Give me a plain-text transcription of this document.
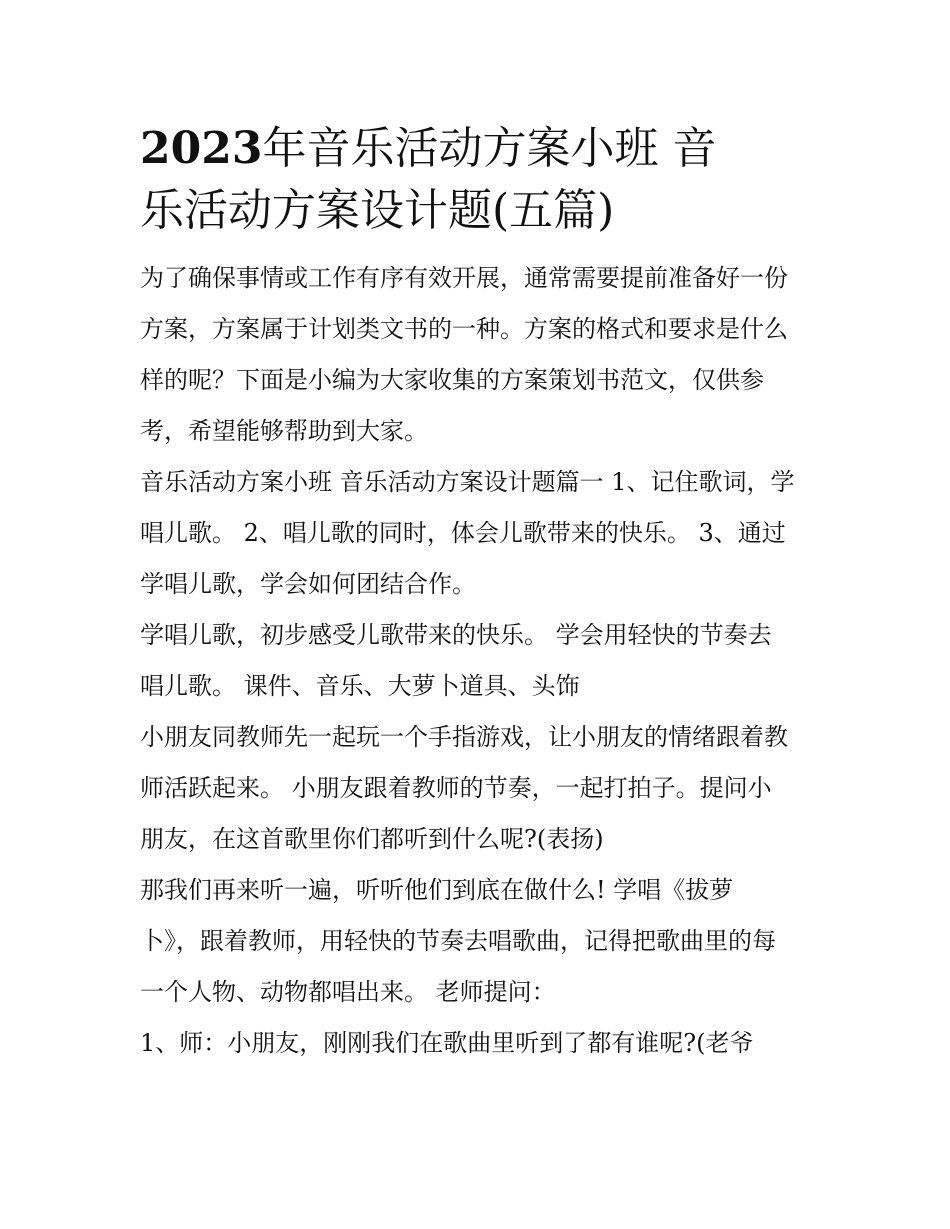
2023年音乐活动方案小班 音
乐活动方案设计题(五篇)

为了确保事情或工作有序有效开展，通常需要提前准备好一份
方案，方案属于计划类文书的一种。方案的格式和要求是什么
样的呢？下面是小编为大家收集的方案策划书范文，仅供参
考，希望能够帮助到大家。

音乐活动方案小班 音乐活动方案设计题篇一 1、记住歌词，学
唱儿歌。 2、唱儿歌的同时，体会儿歌带来的快乐。 3、通过
学唱儿歌，学会如何团结合作。

学唱儿歌，初步感受儿歌带来的快乐。 学会用轻快的节奏去
唱儿歌。 课件、音乐、大萝卜道具、头饰

小朋友同教师先一起玩一个手指游戏，让小朋友的情绪跟着教
师活跃起来。 小朋友跟着教师的节奏，一起打拍子。提问小
朋友，在这首歌里你们都听到什么呢?(表扬)

那我们再来听一遍，听听他们到底在做什么! 学唱《拔萝
卜》，跟着教师，用轻快的节奏去唱歌曲，记得把歌曲里的每
一个人物、动物都唱出来。 老师提问：

1、师：小朋友，刚刚我们在歌曲里听到了都有谁呢?(老爷
